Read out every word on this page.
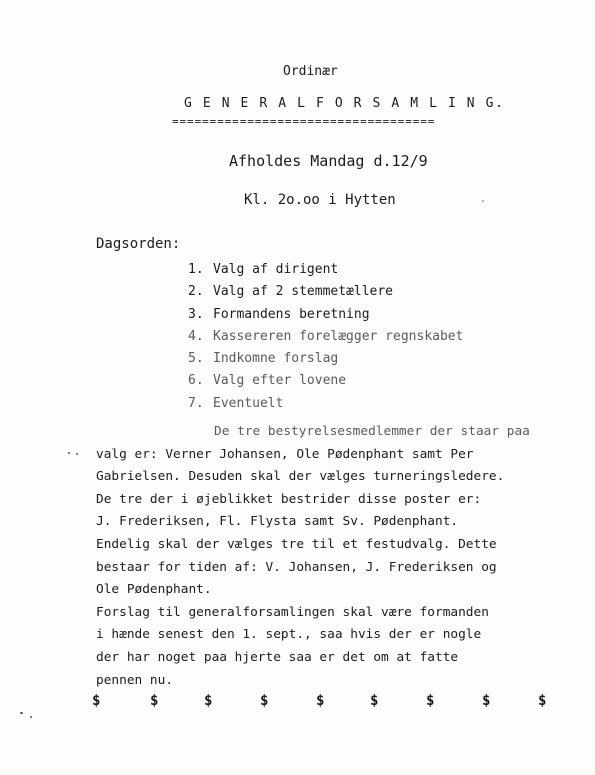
Ordinær

G E N E R A L F O R S A M L I N G.

===================================

Afholdes Mandag d.12/9

Kl. 2o.oo i Hytten

Dagsorden:

1. Valg af dirigent
2. Valg af 2 stemmetællere
3. Formandens beretning
4. Kassereren forelægger regnskabet
5. Indkomne forslag
6. Valg efter lovene
7. Eventuelt
De tre bestyrelsesmedlemmer der staar paa
valg er: Verner Johansen, Ole Pødenphant samt Per
Gabrielsen. Desuden skal der vælges turneringsledere.
De tre der i øjeblikket bestrider disse poster er:
J. Frederiksen, Fl. Flysta samt Sv. Pødenphant.
Endelig skal der vælges tre til et festudvalg. Dette
bestaar for tiden af: V. Johansen, J. Frederiksen og
Ole Pødenphant.
Forslag til generalforsamlingen skal være formanden
i hænde senest den 1. sept., saa hvis der er nogle
der har noget paa hjerte saa er det om at fatte
pennen nu.
$	$	$	$	$	$	$	$	$
